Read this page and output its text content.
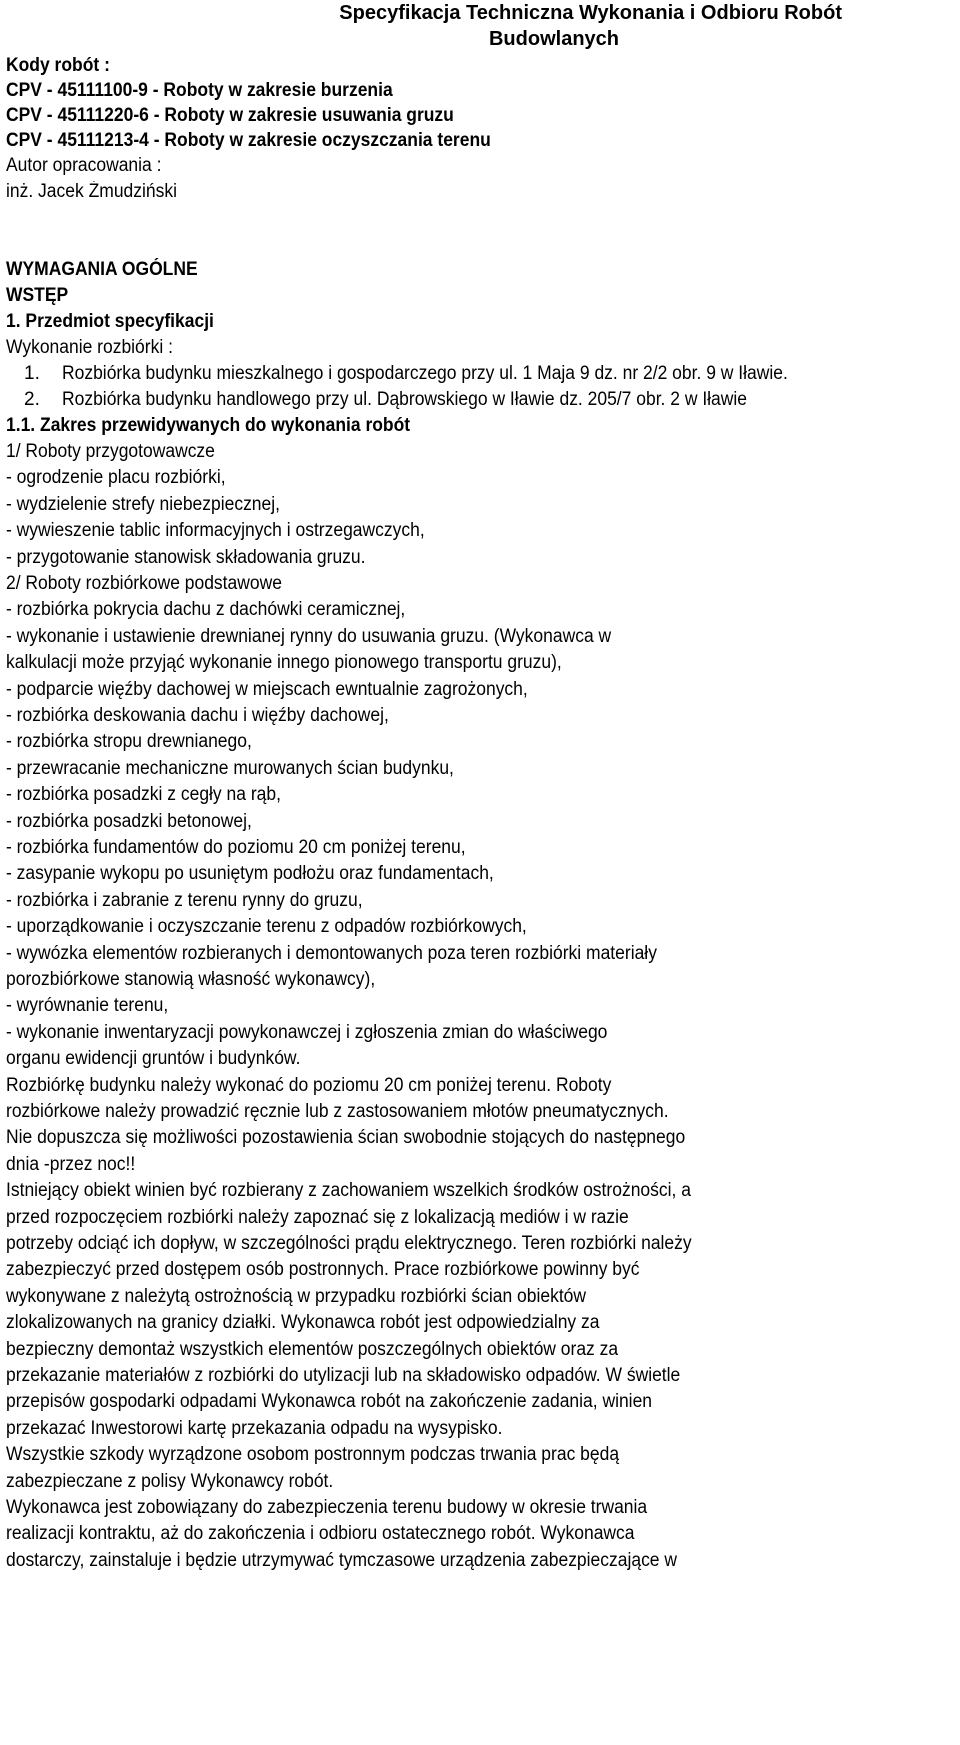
Specyfikacja Techniczna Wykonania i Odbioru Robót
Budowlanych
Kody robót :
CPV - 45111100-9 - Roboty w zakresie burzenia
CPV - 45111220-6 - Roboty w zakresie usuwania gruzu
CPV - 45111213-4 - Roboty w zakresie oczyszczania terenu
Autor opracowania :
inż. Jacek Żmudziński
WYMAGANIA OGÓLNE
WSTĘP
1. Przedmiot specyfikacji
Wykonanie rozbiórki :
1. Rozbiórka budynku mieszkalnego i gospodarczego przy ul. 1 Maja 9 dz. nr 2/2 obr. 9 w Iławie.
2. Rozbiórka budynku handlowego przy ul. Dąbrowskiego w Iławie dz. 205/7 obr. 2 w Iławie
1.1. Zakres przewidywanych do wykonania robót
1/ Roboty przygotowawcze
- ogrodzenie placu rozbiórki,
- wydzielenie strefy niebezpiecznej,
- wywieszenie tablic informacyjnych i ostrzegawczych,
- przygotowanie stanowisk składowania gruzu.
2/ Roboty rozbiórkowe podstawowe
- rozbiórka pokrycia dachu z dachówki ceramicznej,
- wykonanie i ustawienie drewnianej rynny do usuwania gruzu. (Wykonawca w
kalkulacji może przyjąć wykonanie innego pionowego transportu gruzu),
- podparcie więźby dachowej w miejscach ewntualnie zagrożonych,
- rozbiórka deskowania dachu i więźby dachowej,
- rozbiórka stropu drewnianego,
- przewracanie mechaniczne murowanych ścian budynku,
- rozbiórka posadzki z cegły na rąb,
- rozbiórka posadzki betonowej,
- rozbiórka fundamentów do poziomu 20 cm poniżej terenu,
- zasypanie wykopu po usuniętym podłożu oraz fundamentach,
- rozbiórka i zabranie z terenu rynny do gruzu,
- uporządkowanie i oczyszczanie terenu z odpadów rozbiórkowych,
- wywózka elementów rozbieranych i demontowanych poza teren rozbiórki materiały
porozbiórkowe stanowią własność wykonawcy),
- wyrównanie terenu,
- wykonanie inwentaryzacji powykonawczej i zgłoszenia zmian do właściwego
organu ewidencji gruntów i budynków.
Rozbiórkę budynku należy wykonać do poziomu 20 cm poniżej terenu. Roboty
rozbiórkowe należy prowadzić ręcznie lub z zastosowaniem młotów pneumatycznych.
Nie dopuszcza się możliwości pozostawienia ścian swobodnie stojących do następnego
dnia -przez noc!!
Istniejący obiekt winien być rozbierany z zachowaniem wszelkich środków ostrożności, a
przed rozpoczęciem rozbiórki należy zapoznać się z lokalizacją mediów i w razie
potrzeby odciąć ich dopływ, w szczególności prądu elektrycznego. Teren rozbiórki należy
zabezpieczyć przed dostępem osób postronnych. Prace rozbiórkowe powinny być
wykonywane z należytą ostrożnością w przypadku rozbiórki ścian obiektów
zlokalizowanych na granicy działki. Wykonawca robót jest odpowiedzialny za
bezpieczny demontaż wszystkich elementów poszczególnych obiektów oraz za
przekazanie materiałów z rozbiórki do utylizacji lub na składowisko odpadów. W świetle
przepisów gospodarki odpadami Wykonawca robót na zakończenie zadania, winien
przekazać Inwestorowi kartę przekazania odpadu na wysypisko.
Wszystkie szkody wyrządzone osobom postronnym podczas trwania prac będą
zabezpieczane z polisy Wykonawcy robót.
Wykonawca jest zobowiązany do zabezpieczenia terenu budowy w okresie trwania
realizacji kontraktu, aż do zakończenia i odbioru ostatecznego robót. Wykonawca
dostarczy, zainstaluje i będzie utrzymywać tymczasowe urządzenia zabezpieczające w
